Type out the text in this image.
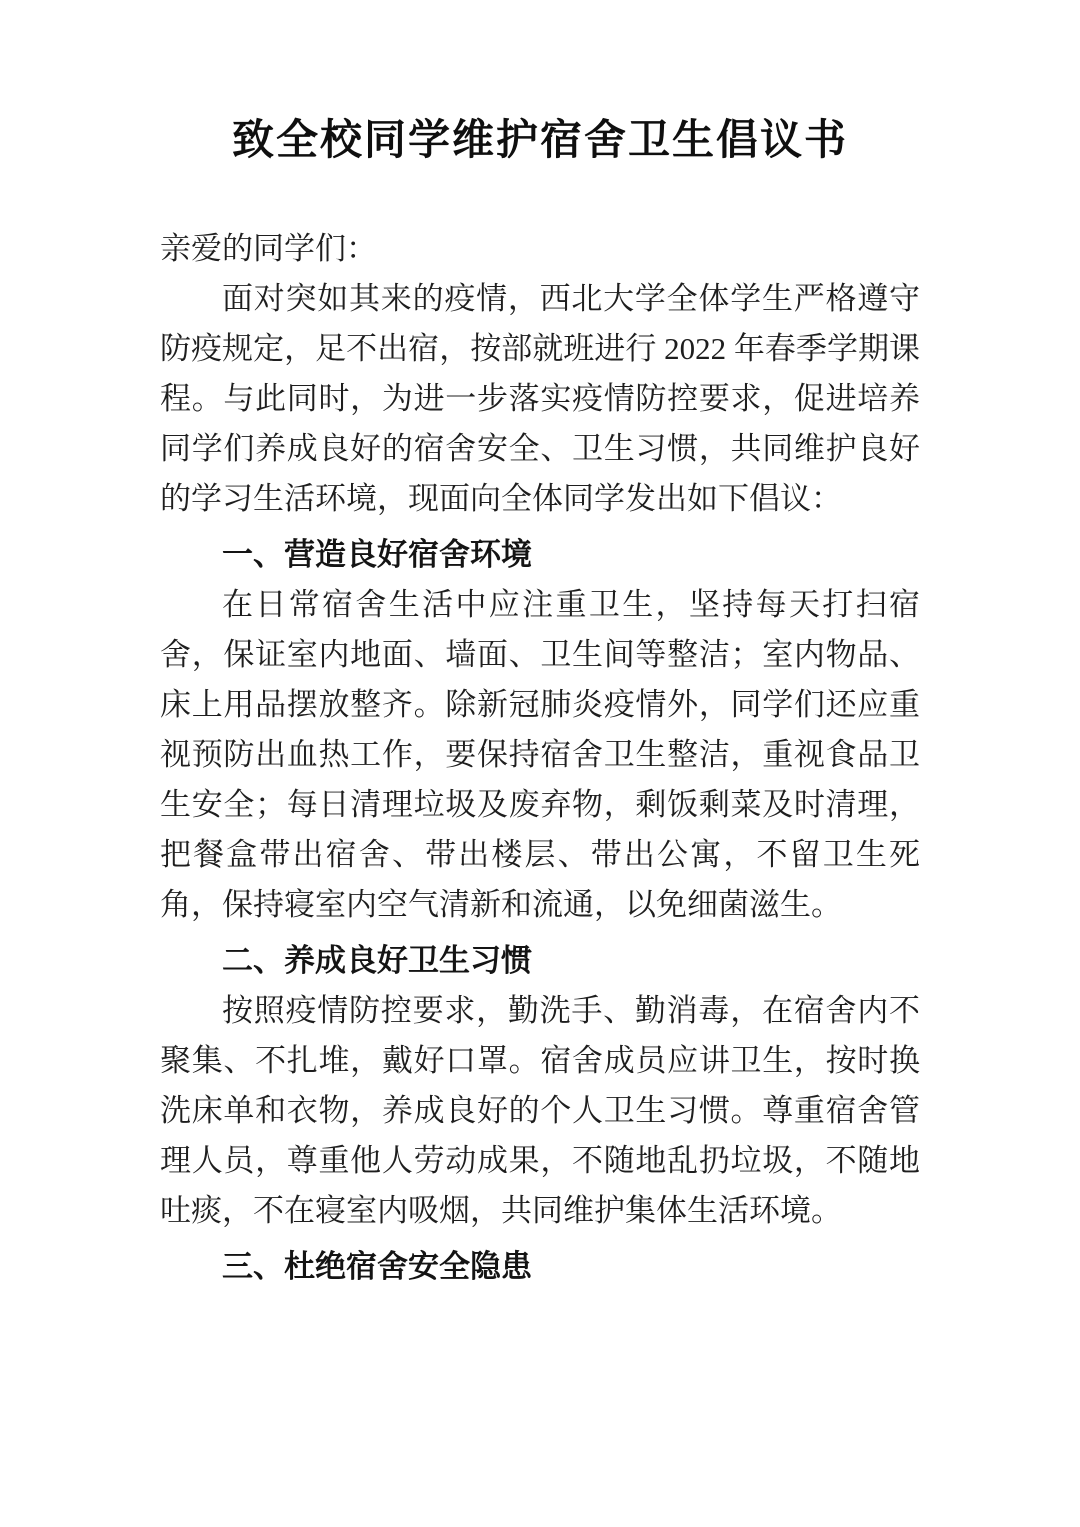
致全校同学维护宿舍卫生倡议书

亲爱的同学们：

面对突如其来的疫情，西北大学全体学生严格遵守防疫规定，足不出宿，按部就班进行 2022 年春季学期课程。与此同时，为进一步落实疫情防控要求，促进培养同学们养成良好的宿舍安全、卫生习惯，共同维护良好的学习生活环境，现面向全体同学发出如下倡议：

一、营造良好宿舍环境

在日常宿舍生活中应注重卫生，坚持每天打扫宿舍，保证室内地面、墙面、卫生间等整洁；室内物品、床上用品摆放整齐。除新冠肺炎疫情外，同学们还应重视预防出血热工作，要保持宿舍卫生整洁，重视食品卫生安全；每日清理垃圾及废弃物，剩饭剩菜及时清理，把餐盒带出宿舍、带出楼层、带出公寓，不留卫生死角，保持寝室内空气清新和流通，以免细菌滋生。

二、养成良好卫生习惯

按照疫情防控要求，勤洗手、勤消毒，在宿舍内不聚集、不扎堆，戴好口罩。宿舍成员应讲卫生，按时换洗床单和衣物，养成良好的个人卫生习惯。尊重宿舍管理人员，尊重他人劳动成果，不随地乱扔垃圾，不随地吐痰，不在寝室内吸烟，共同维护集体生活环境。

三、杜绝宿舍安全隐患
